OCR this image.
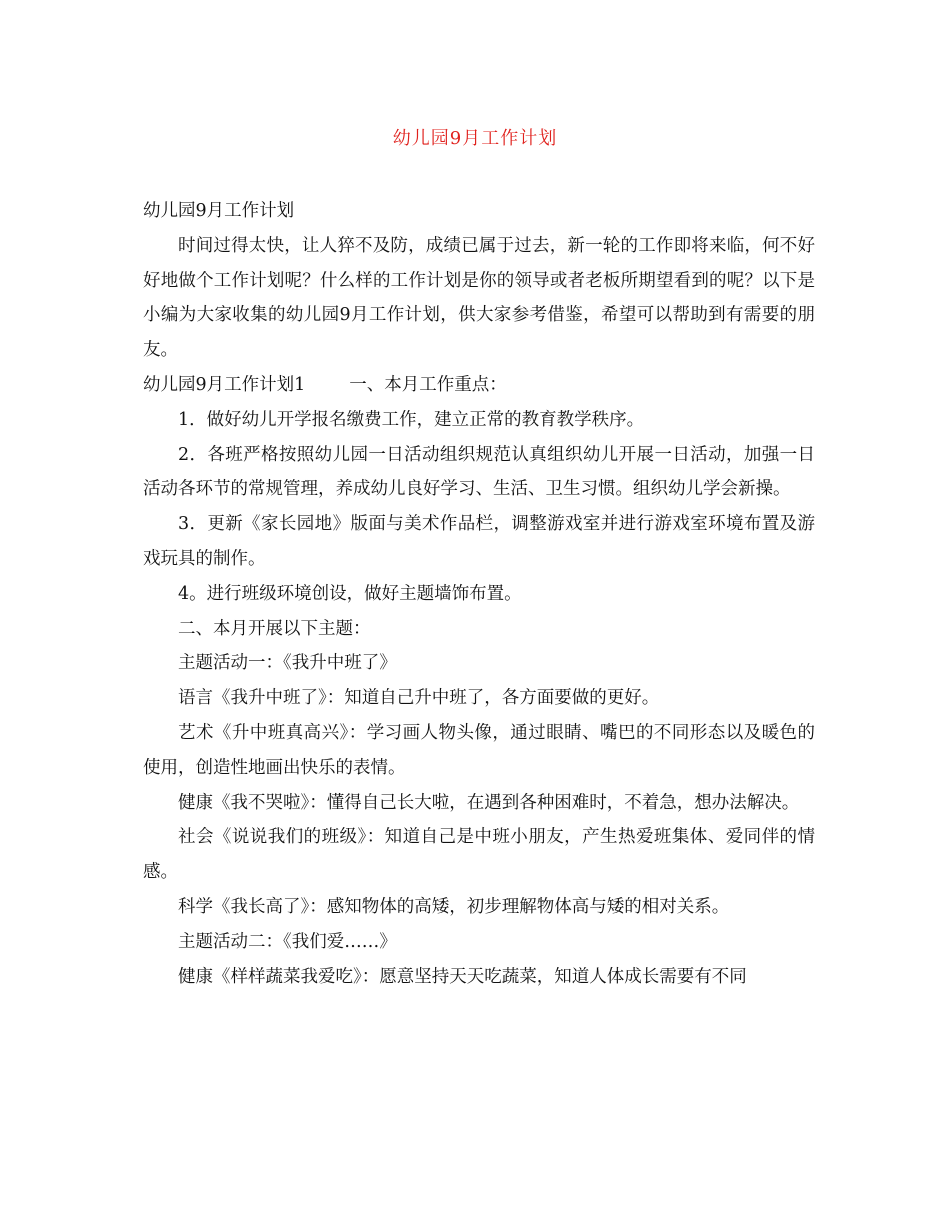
幼儿园9月工作计划

幼儿园9月工作计划

时间过得太快，让人猝不及防，成绩已属于过去，新一轮的工作即将来临，何不好好地做个工作计划呢？什么样的工作计划是你的领导或者老板所期望看到的呢？以下是小编为大家收集的幼儿园9月工作计划，供大家参考借鉴，希望可以帮助到有需要的朋友。

幼儿园9月工作计划1	一、本月工作重点：

1．做好幼儿开学报名缴费工作，建立正常的教育教学秩序。

2．各班严格按照幼儿园一日活动组织规范认真组织幼儿开展一日活动，加强一日活动各环节的常规管理，养成幼儿良好学习、生活、卫生习惯。组织幼儿学会新操。

3．更新《家长园地》版面与美术作品栏，调整游戏室并进行游戏室环境布置及游戏玩具的制作。

4。进行班级环境创设，做好主题墙饰布置。

二、本月开展以下主题：

主题活动一：《我升中班了》

语言《我升中班了》：知道自己升中班了，各方面要做的更好。

艺术《升中班真高兴》：学习画人物头像，通过眼睛、嘴巴的不同形态以及暖色的使用，创造性地画出快乐的表情。

健康《我不哭啦》：懂得自己长大啦，在遇到各种困难时，不着急，想办法解决。

社会《说说我们的班级》：知道自己是中班小朋友，产生热爱班集体、爱同伴的情感。

科学《我长高了》：感知物体的高矮，初步理解物体高与矮的相对关系。

主题活动二：《我们爱……》

健康《样样蔬菜我爱吃》：愿意坚持天天吃蔬菜，知道人体成长需要有不同
